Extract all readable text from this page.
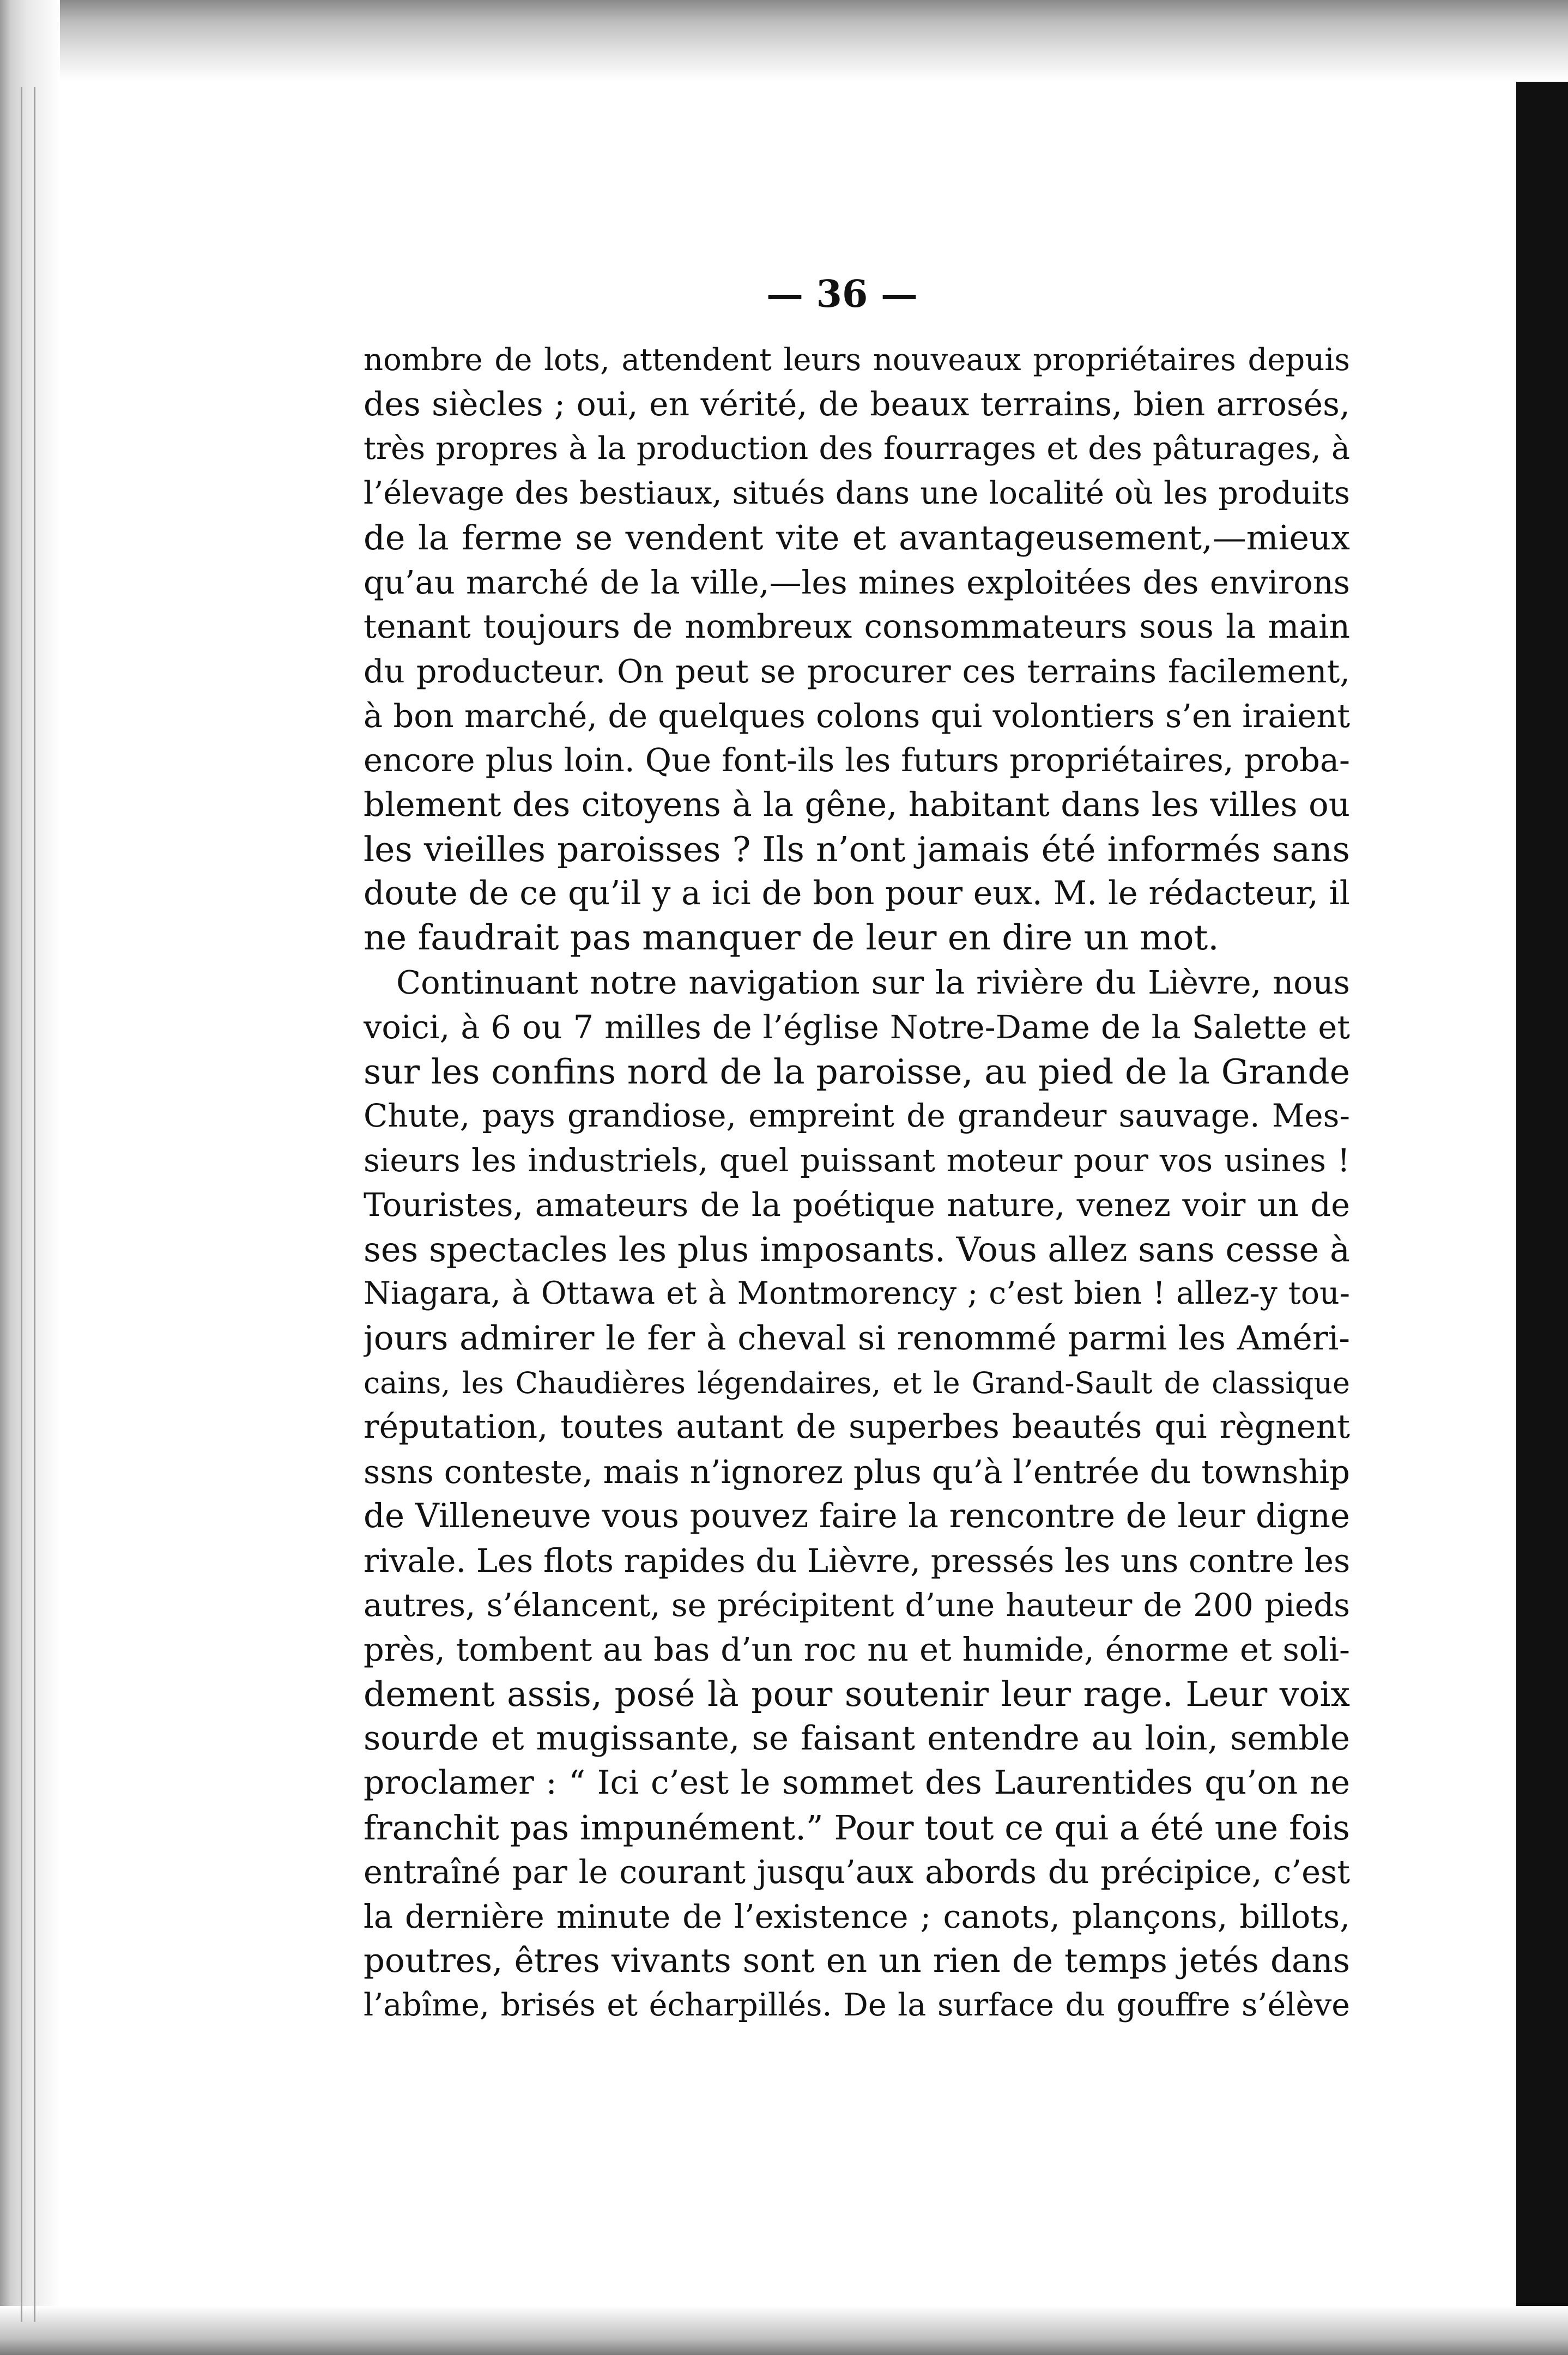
— 36 —
nombre de lots, attendent leurs nouveaux propriétaires depuis
des siècles ; oui, en vérité, de beaux terrains, bien arrosés,
très propres à la production des fourrages et des pâturages, à
l’élevage des bestiaux, situés dans une localité où les produits
de la ferme se vendent vite et avantageusement,—mieux
qu’au marché de la ville,—les mines exploitées des environs
tenant toujours de nombreux consommateurs sous la main
du producteur. On peut se procurer ces terrains facilement,
à bon marché, de quelques colons qui volontiers s’en iraient
encore plus loin. Que font-ils les futurs propriétaires, proba-
blement des citoyens à la gêne, habitant dans les villes ou
les vieilles paroisses ? Ils n’ont jamais été informés sans
doute de ce qu’il y a ici de bon pour eux. M. le rédacteur, il
ne faudrait pas manquer de leur en dire un mot.
Continuant notre navigation sur la rivière du Lièvre, nous
voici, à 6 ou 7 milles de l’église Notre-Dame de la Salette et
sur les confins nord de la paroisse, au pied de la Grande
Chute, pays grandiose, empreint de grandeur sauvage. Mes-
sieurs les industriels, quel puissant moteur pour vos usines !
Touristes, amateurs de la poétique nature, venez voir un de
ses spectacles les plus imposants. Vous allez sans cesse à
Niagara, à Ottawa et à Montmorency ; c’est bien ! allez-y tou-
jours admirer le fer à cheval si renommé parmi les Améri-
cains, les Chaudières légendaires, et le Grand-Sault de classique
réputation, toutes autant de superbes beautés qui règnent
ssns conteste, mais n’ignorez plus qu’à l’entrée du township
de Villeneuve vous pouvez faire la rencontre de leur digne
rivale. Les flots rapides du Lièvre, pressés les uns contre les
autres, s’élancent, se précipitent d’une hauteur de 200 pieds
près, tombent au bas d’un roc nu et humide, énorme et soli-
dement assis, posé là pour soutenir leur rage. Leur voix
sourde et mugissante, se faisant entendre au loin, semble
proclamer : “ Ici c’est le sommet des Laurentides qu’on ne
franchit pas impunément.” Pour tout ce qui a été une fois
entraîné par le courant jusqu’aux abords du précipice, c’est
la dernière minute de l’existence ; canots, plançons, billots,
poutres, êtres vivants sont en un rien de temps jetés dans
l’abîme, brisés et écharpillés. De la surface du gouffre s’élève
